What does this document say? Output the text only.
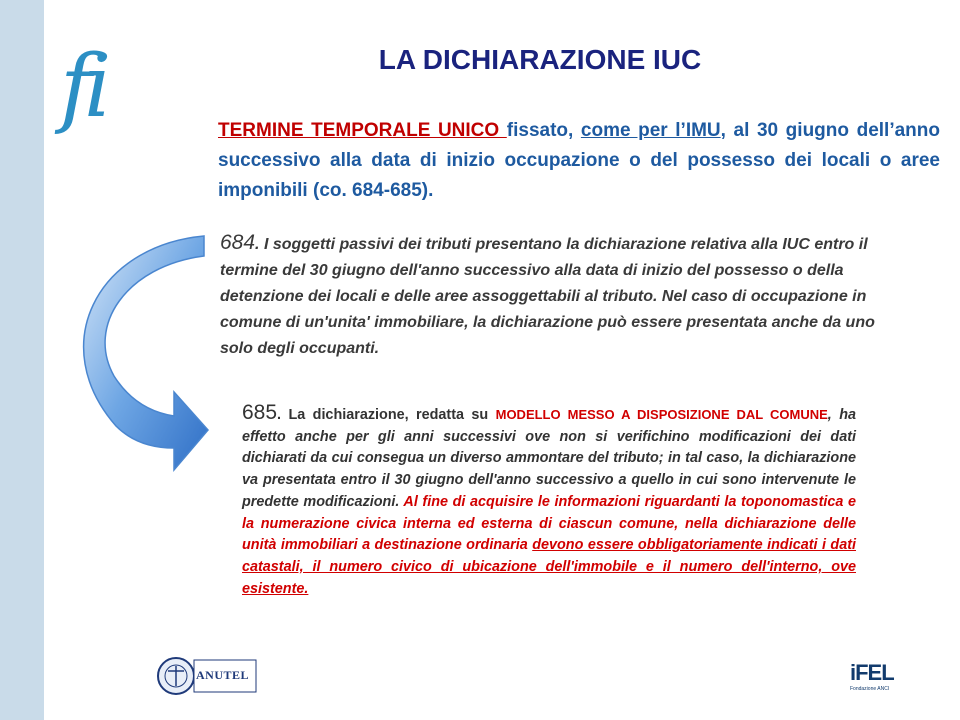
fi	LA DICHIARAZIONE IUC
TERMINE TEMPORALE UNICO fissato, come per l’IMU, al 30 giugno dell’anno successivo alla data di inizio occupazione o del possesso dei locali o aree imponibili (co. 684-685).
684. I soggetti passivi dei tributi presentano la dichiarazione relativa alla IUC entro il termine del 30 giugno dell'anno successivo alla data di inizio del possesso o della detenzione dei locali e delle aree assoggettabili al tributo. Nel caso di occupazione in comune di un'unita' immobiliare, la dichiarazione può essere presentata anche da uno solo degli occupanti.
685. La dichiarazione, redatta su MODELLO MESSO A DISPOSIZIONE DAL COMUNE, ha effetto anche per gli anni successivi ove non si verifichino modificazioni dei dati dichiarati da cui consegua un diverso ammontare del tributo; in tal caso, la dichiarazione va presentata entro il 30 giugno dell'anno successivo a quello in cui sono intervenute le predette modificazioni. Al fine di acquisire le informazioni riguardanti la toponomastica e la numerazione civica interna ed esterna di ciascun comune, nella dichiarazione delle unità immobiliari a destinazione ordinaria devono essere obbligatoriamente indicati i dati catastali, il numero civico di ubicazione dell'immobile e il numero dell'interno, ove esistente.
ANUTEL	iFEL
Fondazione ANCI
